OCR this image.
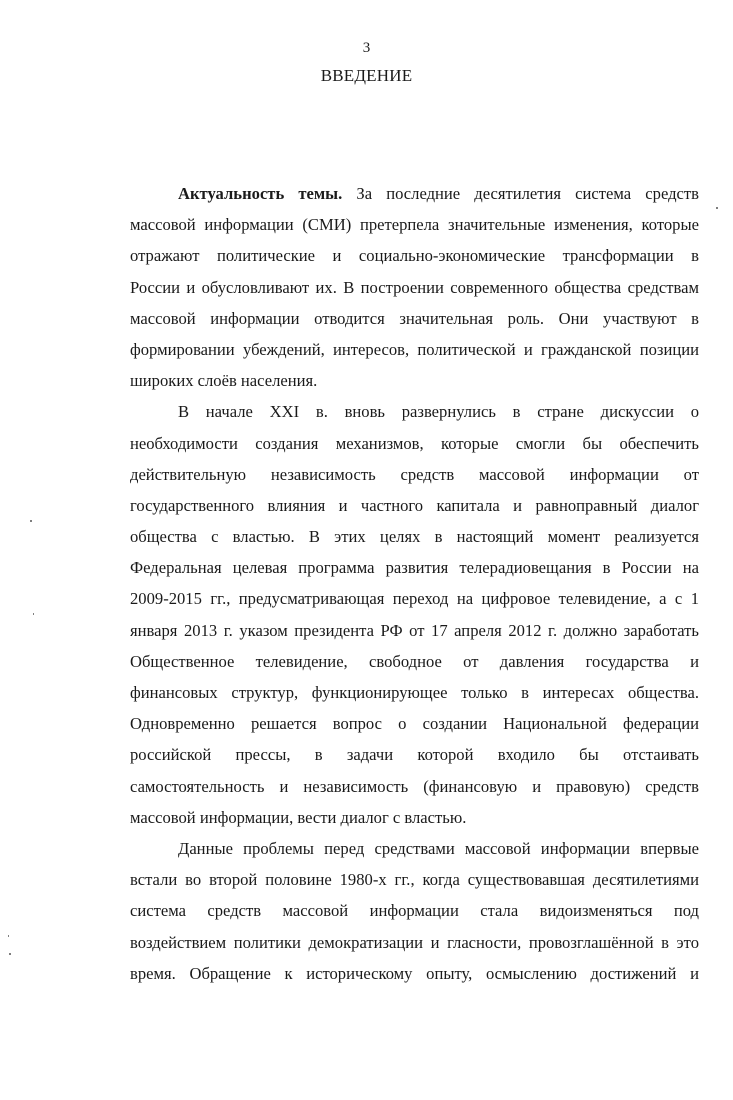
3
ВВЕДЕНИЕ
Актуальность темы. За последние десятилетия система средств
массовой информации (СМИ) претерпела значительные изменения, которые
отражают политические и социально-экономические трансформации в
России и обусловливают их. В построении современного общества средствам
массовой информации отводится значительная роль. Они участвуют в
формировании убеждений, интересов, политической и гражданской позиции
широких слоёв населения.
В начале XXI в. вновь развернулись в стране дискуссии о
необходимости создания механизмов, которые смогли бы обеспечить
действительную независимость средств массовой информации от
государственного влияния и частного капитала и равноправный диалог
общества с властью. В этих целях в настоящий момент реализуется
Федеральная целевая программа развития телерадиовещания в России на
2009-2015 гг., предусматривающая переход на цифровое телевидение, а с 1
января 2013 г. указом президента РФ от 17 апреля 2012 г. должно заработать
Общественное телевидение, свободное от давления государства и
финансовых структур, функционирующее только в интересах общества.
Одновременно решается вопрос о создании Национальной федерации
российской прессы, в задачи которой входило бы отстаивать
самостоятельность и независимость (финансовую и правовую) средств
массовой информации, вести диалог с властью.
Данные проблемы перед средствами массовой информации впервые
встали во второй половине 1980-х гг., когда существовавшая десятилетиями
система средств массовой информации стала видоизменяться под
воздействием политики демократизации и гласности, провозглашённой в это
время. Обращение к историческому опыту, осмыслению достижений и
